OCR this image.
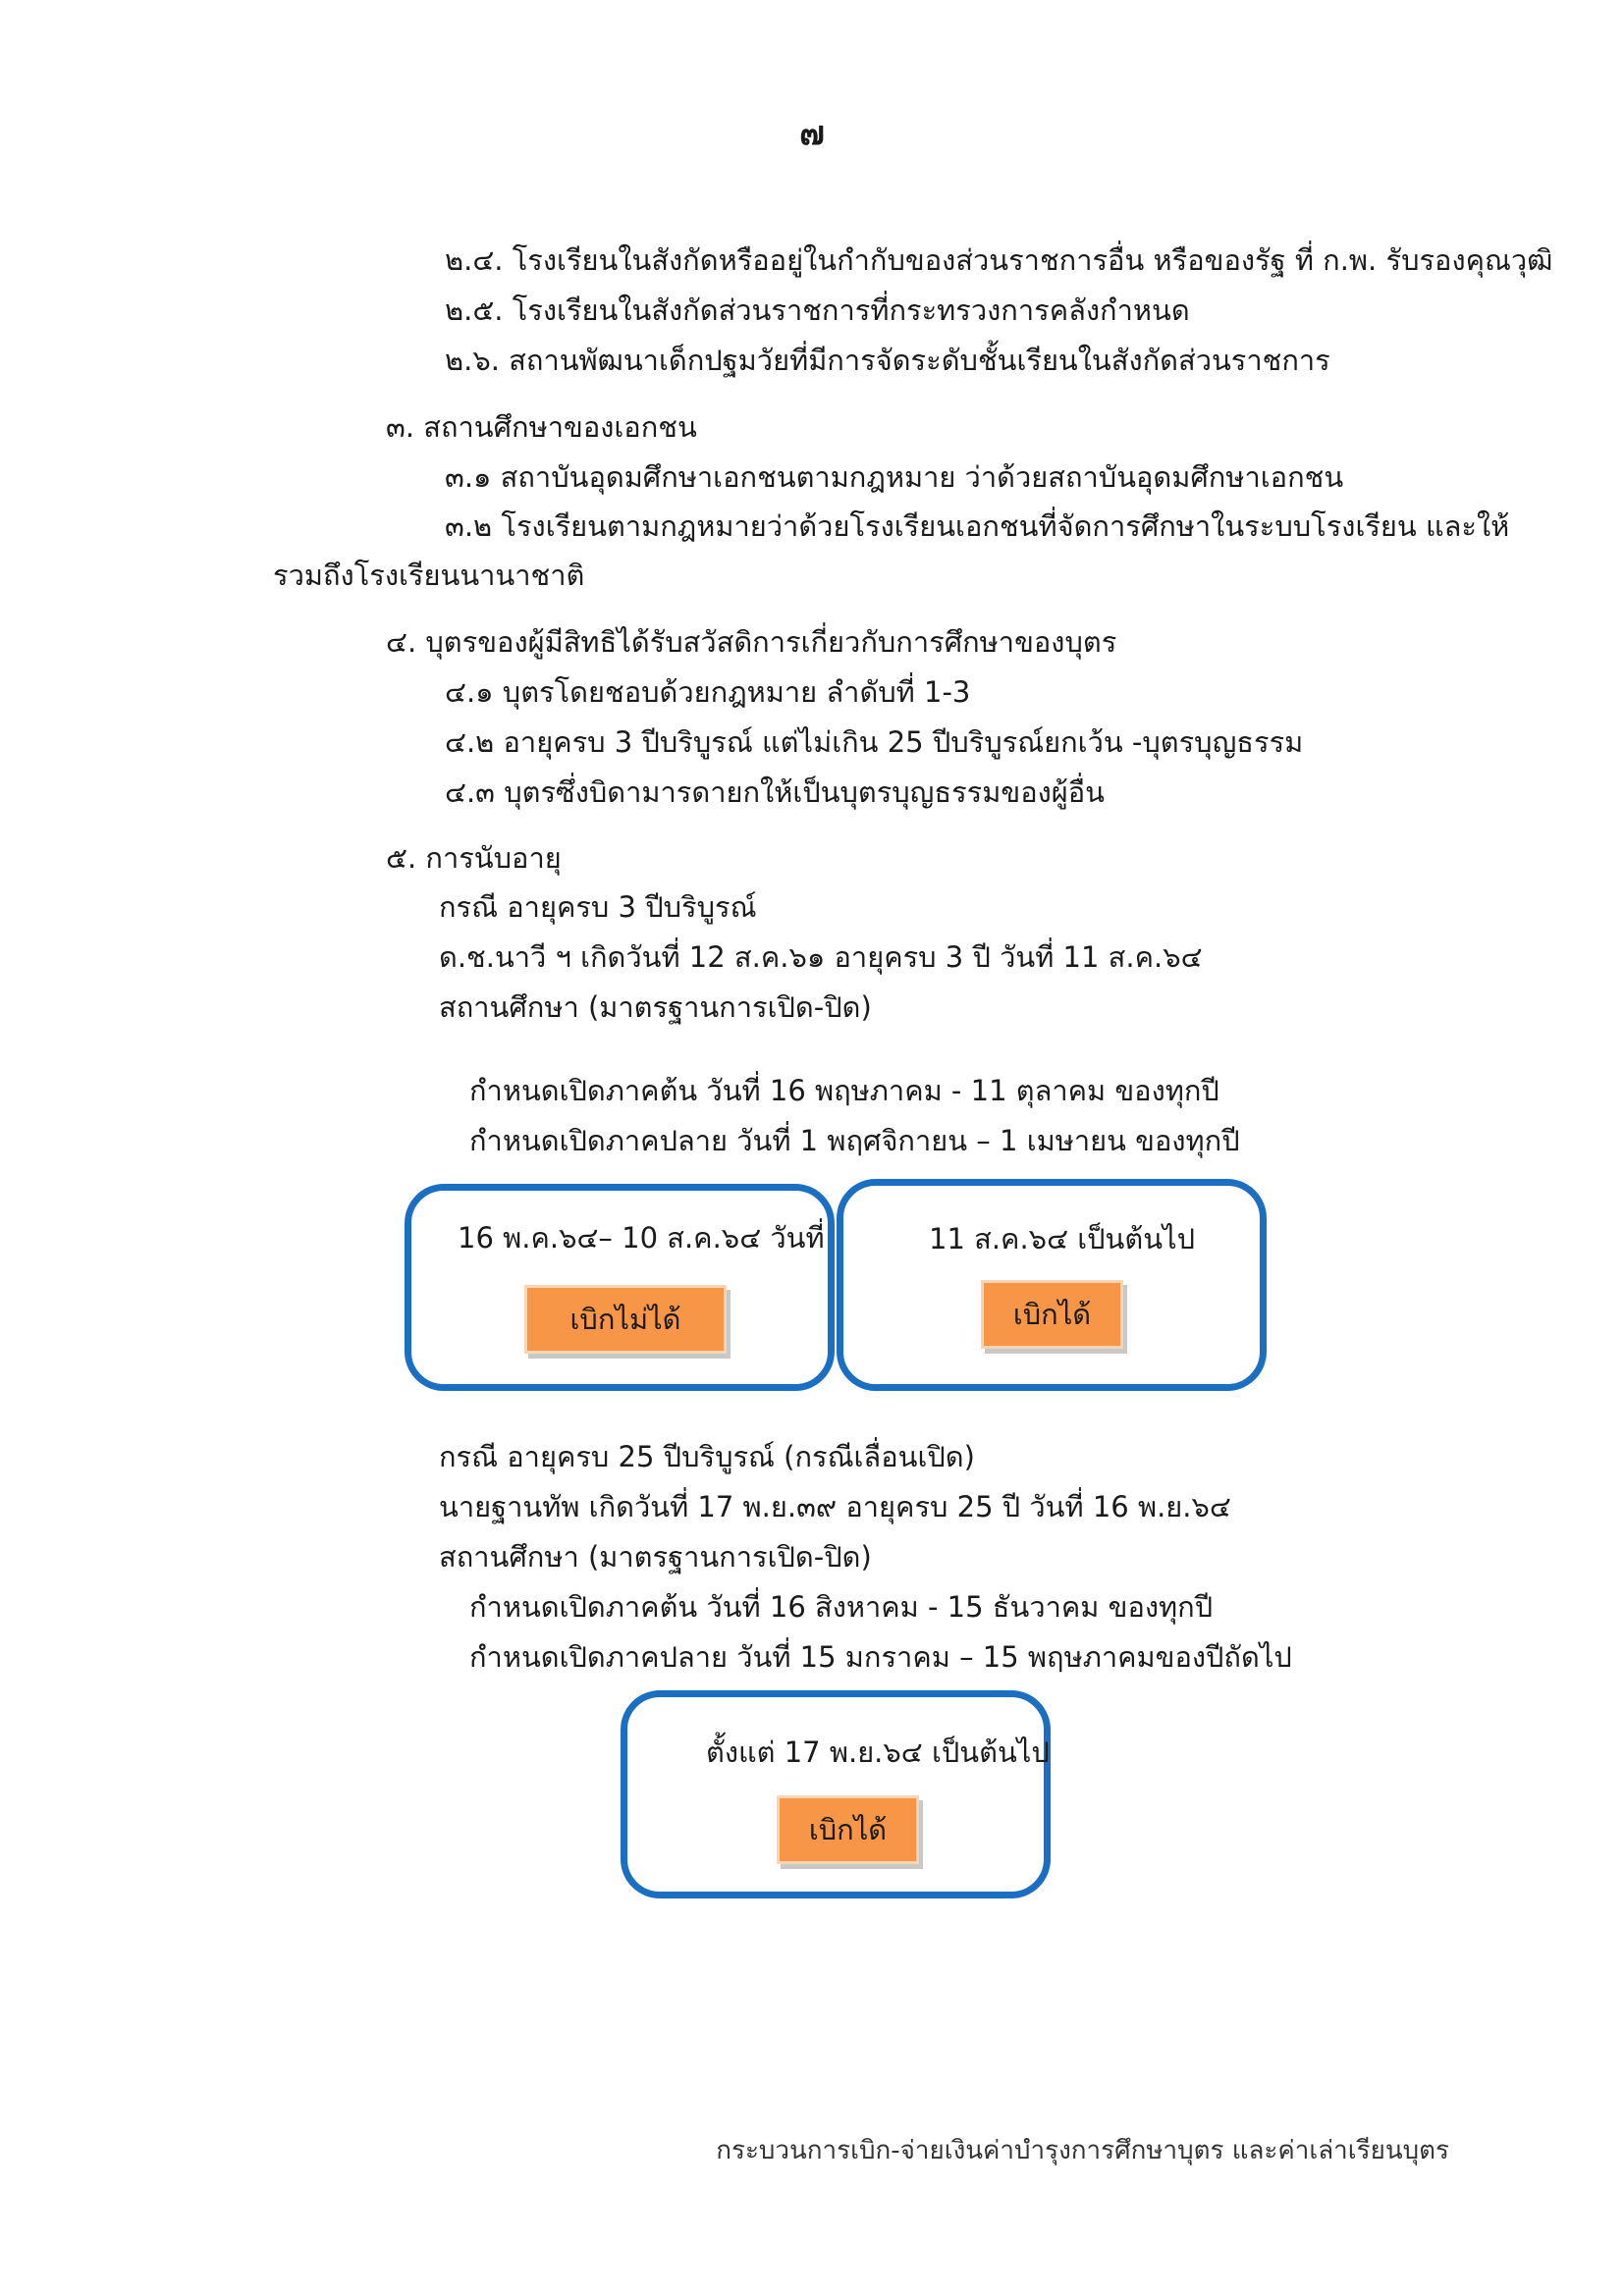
๗
๒.๔. โรงเรียนในสังกัดหรืออยู่ในกำกับของส่วนราชการอื่น หรือของรัฐ ที่ ก.พ. รับรองคุณวุฒิ
๒.๕. โรงเรียนในสังกัดส่วนราชการที่กระทรวงการคลังกำหนด
๒.๖. สถานพัฒนาเด็กปฐมวัยที่มีการจัดระดับชั้นเรียนในสังกัดส่วนราชการ
๓. สถานศึกษาของเอกชน
๓.๑ สถาบันอุดมศึกษาเอกชนตามกฎหมาย ว่าด้วยสถาบันอุดมศึกษาเอกชน
๓.๒ โรงเรียนตามกฎหมายว่าด้วยโรงเรียนเอกชนที่จัดการศึกษาในระบบโรงเรียน และให้
รวมถึงโรงเรียนนานาชาติ
๔. บุตรของผู้มีสิทธิได้รับสวัสดิการเกี่ยวกับการศึกษาของบุตร
๔.๑ บุตรโดยชอบด้วยกฎหมาย ลำดับที่ 1-3
๔.๒ อายุครบ 3 ปีบริบูรณ์ แต่ไม่เกิน 25 ปีบริบูรณ์ยกเว้น -บุตรบุญธรรม
๔.๓ บุตรซึ่งบิดามารดายกให้เป็นบุตรบุญธรรมของผู้อื่น
๕. การนับอายุ
กรณี อายุครบ 3 ปีบริบูรณ์
ด.ช.นาวี ฯ เกิดวันที่ 12 ส.ค.๖๑ อายุครบ 3 ปี วันที่ 11 ส.ค.๖๔
สถานศึกษา (มาตรฐานการเปิด-ปิด)
กำหนดเปิดภาคต้น วันที่ 16 พฤษภาคม - 11 ตุลาคม ของทุกปี
กำหนดเปิดภาคปลาย วันที่ 1 พฤศจิกายน – 1 เมษายน ของทุกปี
16 พ.ค.๖๔– 10 ส.ค.๖๔ วันที่
เบิกไม่ได้
11 ส.ค.๖๔ เป็นต้นไป
เบิกได้
กรณี อายุครบ 25 ปีบริบูรณ์ (กรณีเลื่อนเปิด)
นายฐานทัพ เกิดวันที่ 17 พ.ย.๓๙ อายุครบ 25 ปี วันที่ 16 พ.ย.๖๔
สถานศึกษา (มาตรฐานการเปิด-ปิด)
กำหนดเปิดภาคต้น วันที่ 16 สิงหาคม - 15 ธันวาคม ของทุกปี
กำหนดเปิดภาคปลาย วันที่ 15 มกราคม – 15 พฤษภาคมของปีถัดไป
ตั้งแต่ 17 พ.ย.๖๔ เป็นต้นไป
เบิกได้
กระบวนการเบิก-จ่ายเงินค่าบำรุงการศึกษาบุตร และค่าเล่าเรียนบุตร
